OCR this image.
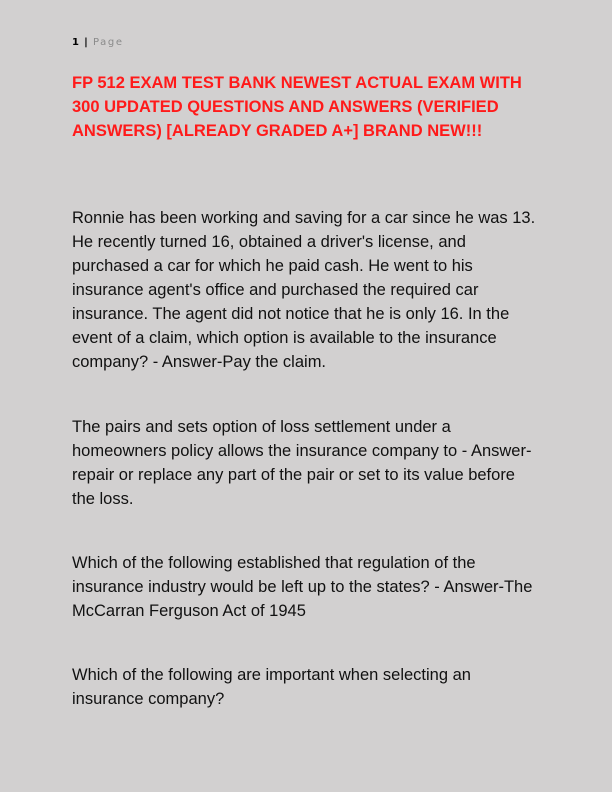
1 | Page
FP 512 EXAM TEST BANK NEWEST ACTUAL EXAM WITH 300 UPDATED QUESTIONS AND ANSWERS (VERIFIED ANSWERS) [ALREADY GRADED A+] BRAND NEW!!!

Ronnie has been working and saving for a car since he was 13. He recently turned 16, obtained a driver's license, and purchased a car for which he paid cash. He went to his insurance agent's office and purchased the required car insurance. The agent did not notice that he is only 16. In the event of a claim, which option is available to the insurance company? - Answer-Pay the claim.

The pairs and sets option of loss settlement under a homeowners policy allows the insurance company to - Answer-repair or replace any part of the pair or set to its value before the loss.

Which of the following established that regulation of the insurance industry would be left up to the states? - Answer-The McCarran Ferguson Act of 1945

Which of the following are important when selecting an insurance company?
